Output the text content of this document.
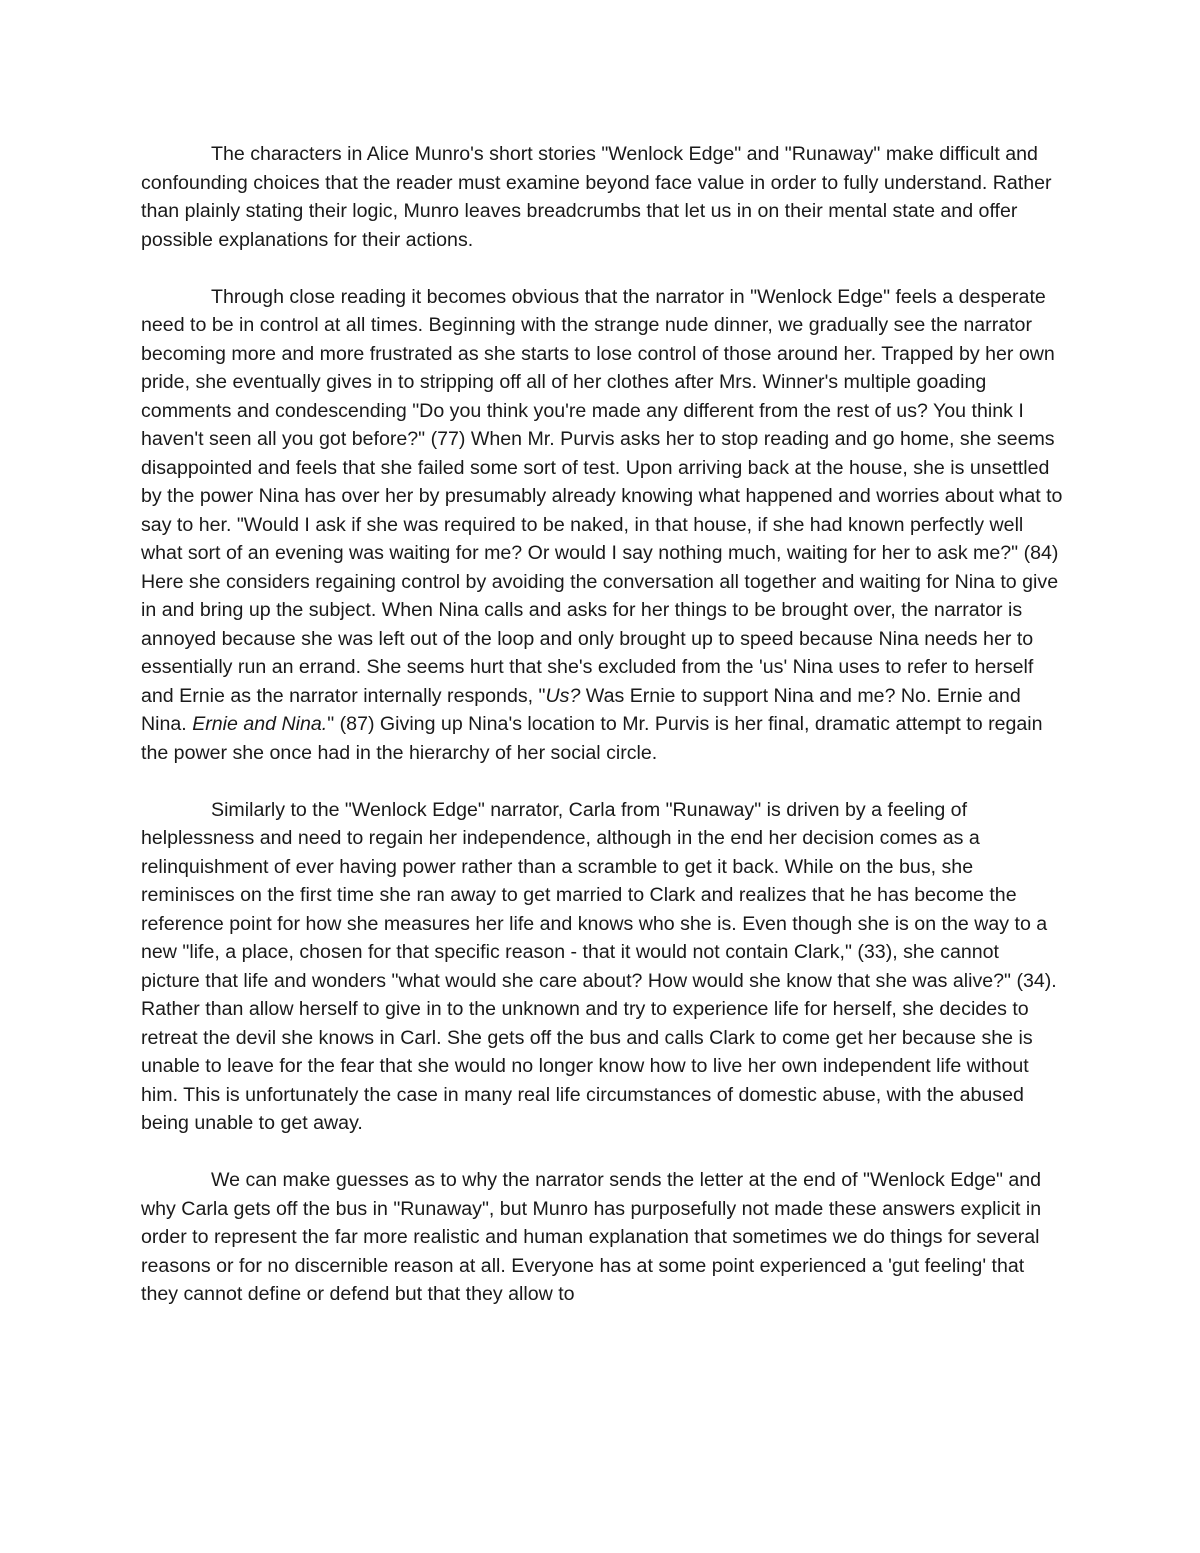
The characters in Alice Munro's short stories "Wenlock Edge" and "Runaway" make difficult and confounding choices that the reader must examine beyond face value in order to fully understand. Rather than plainly stating their logic, Munro leaves breadcrumbs that let us in on their mental state and offer possible explanations for their actions.

Through close reading it becomes obvious that the narrator in "Wenlock Edge" feels a desperate need to be in control at all times. Beginning with the strange nude dinner, we gradually see the narrator becoming more and more frustrated as she starts to lose control of those around her. Trapped by her own pride, she eventually gives in to stripping off all of her clothes after Mrs. Winner's multiple goading comments and condescending "Do you think you're made any different from the rest of us? You think I haven't seen all you got before?" (77) When Mr. Purvis asks her to stop reading and go home, she seems disappointed and feels that she failed some sort of test. Upon arriving back at the house, she is unsettled by the power Nina has over her by presumably already knowing what happened and worries about what to say to her. "Would I ask if she was required to be naked, in that house, if she had known perfectly well what sort of an evening was waiting for me? Or would I say nothing much, waiting for her to ask me?" (84) Here she considers regaining control by avoiding the conversation all together and waiting for Nina to give in and bring up the subject. When Nina calls and asks for her things to be brought over, the narrator is annoyed because she was left out of the loop and only brought up to speed because Nina needs her to essentially run an errand. She seems hurt that she's excluded from the 'us' Nina uses to refer to herself and Ernie as the narrator internally responds, "Us? Was Ernie to support Nina and me? No. Ernie and Nina. Ernie and Nina." (87) Giving up Nina's location to Mr. Purvis is her final, dramatic attempt to regain the power she once had in the hierarchy of her social circle.

Similarly to the "Wenlock Edge" narrator, Carla from "Runaway" is driven by a feeling of helplessness and need to regain her independence, although in the end her decision comes as a relinquishment of ever having power rather than a scramble to get it back. While on the bus, she reminisces on the first time she ran away to get married to Clark and realizes that he has become the reference point for how she measures her life and knows who she is. Even though she is on the way to a new "life, a place, chosen for that specific reason - that it would not contain Clark," (33), she cannot picture that life and wonders "what would she care about? How would she know that she was alive?" (34). Rather than allow herself to give in to the unknown and try to experience life for herself, she decides to retreat the devil she knows in Carl. She gets off the bus and calls Clark to come get her because she is unable to leave for the fear that she would no longer know how to live her own independent life without him. This is unfortunately the case in many real life circumstances of domestic abuse, with the abused being unable to get away.

We can make guesses as to why the narrator sends the letter at the end of "Wenlock Edge" and why Carla gets off the bus in "Runaway", but Munro has purposefully not made these answers explicit in order to represent the far more realistic and human explanation that sometimes we do things for several reasons or for no discernible reason at all. Everyone has at some point experienced a 'gut feeling' that they cannot define or defend but that they allow to
